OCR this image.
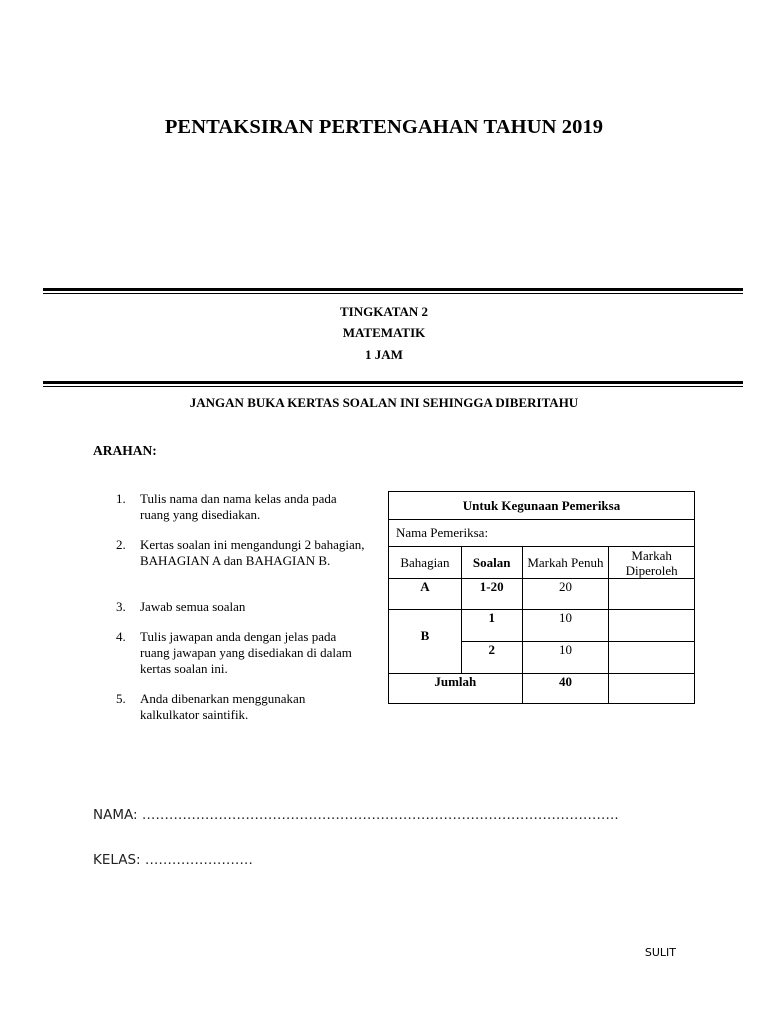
PENTAKSIRAN PERTENGAHAN TAHUN 2019
TINGKATAN 2
MATEMATIK
1 JAM
JANGAN BUKA KERTAS SOALAN INI SEHINGGA DIBERITAHU
ARAHAN:
1. Tulis nama dan nama kelas anda pada ruang yang disediakan.
2. Kertas soalan ini mengandungi 2 bahagian, BAHAGIAN A dan BAHAGIAN B.
3. Jawab semua soalan
4. Tulis jawapan anda dengan jelas pada ruang jawapan yang disediakan di dalam kertas soalan ini.
5. Anda dibenarkan menggunakan kalkulkator saintifik.
Untuk Kegunaan Pemeriksa			
Nama Pemeriksa:			
Bahagian	Soalan	Markah Penuh	Markah Diperoleh
A	1-20	20	
B	1	10	
	2	10	
Jumlah		40	
NAMA: …………………………………………………………………………………………….
KELAS: ……………………
SULIT
